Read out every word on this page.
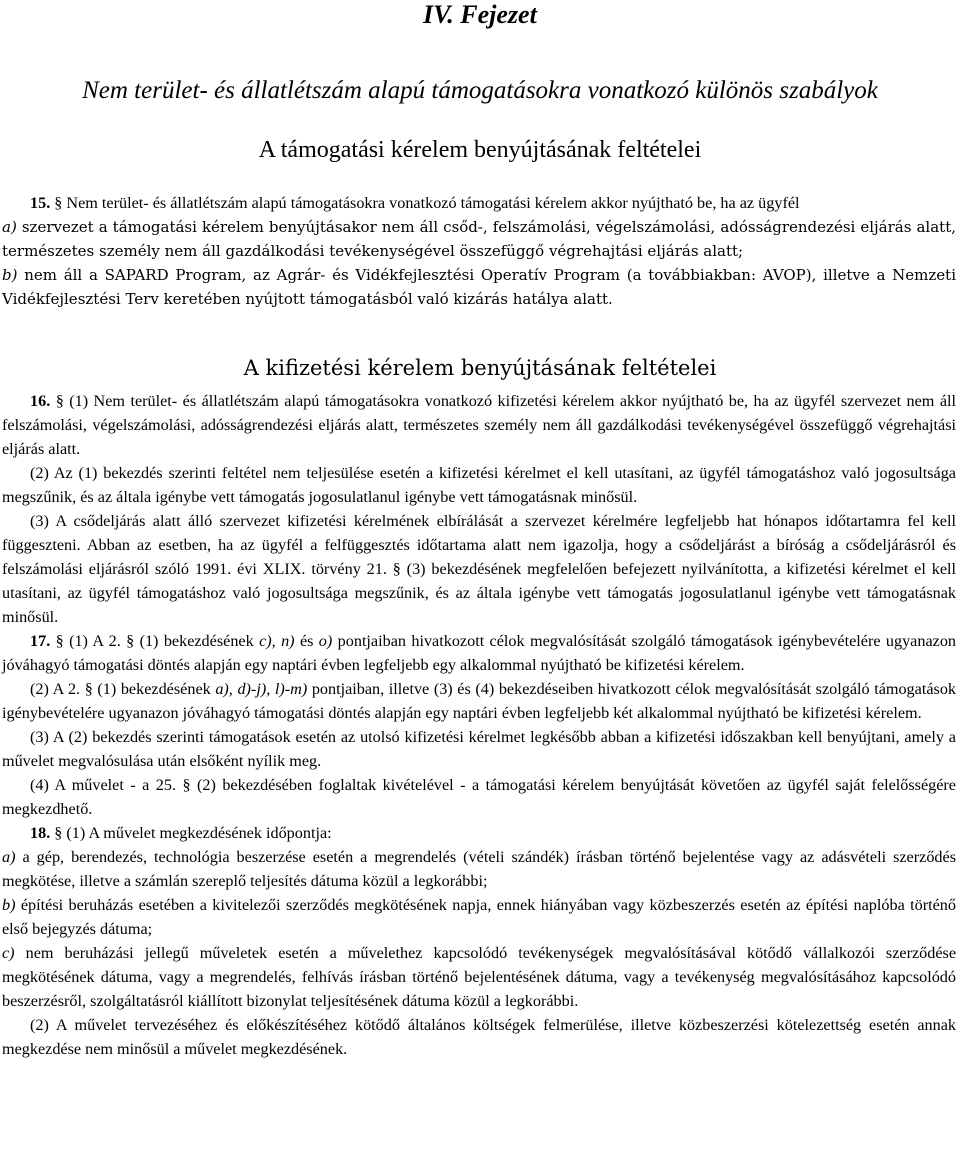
IV. Fejezet
Nem terület- és állatlétszám alapú támogatásokra vonatkozó különös szabályok
A támogatási kérelem benyújtásának feltételei

15. § Nem terület- és állatlétszám alapú támogatásokra vonatkozó támogatási kérelem akkor nyújtható be, ha az ügyfél

a) szervezet a támogatási kérelem benyújtásakor nem áll csőd-, felszámolási, végelszámolási, adósságrendezési eljárás alatt, természetes személy nem áll gazdálkodási tevékenységével összefüggő végrehajtási eljárás alatt;

b) nem áll a SAPARD Program, az Agrár- és Vidékfejlesztési Operatív Program (a továbbiakban: AVOP), illetve a Nemzeti Vidékfejlesztési Terv keretében nyújtott támogatásból való kizárás hatálya alatt.

A kifizetési kérelem benyújtásának feltételei

16. § (1) Nem terület- és állatlétszám alapú támogatásokra vonatkozó kifizetési kérelem akkor nyújtható be, ha az ügyfél szervezet nem áll felszámolási, végelszámolási, adósságrendezési eljárás alatt, természetes személy nem áll gazdálkodási tevékenységével összefüggő végrehajtási eljárás alatt.

(2) Az (1) bekezdés szerinti feltétel nem teljesülése esetén a kifizetési kérelmet el kell utasítani, az ügyfél támogatáshoz való jogosultsága megszűnik, és az általa igénybe vett támogatás jogosulatlanul igénybe vett támogatásnak minősül.

(3) A csődeljárás alatt álló szervezet kifizetési kérelmének elbírálását a szervezet kérelmére legfeljebb hat hónapos időtartamra fel kell függeszteni. Abban az esetben, ha az ügyfél a felfüggesztés időtartama alatt nem igazolja, hogy a csődeljárást a bíróság a csődeljárásról és felszámolási eljárásról szóló 1991. évi XLIX. törvény 21. § (3) bekezdésének megfelelően befejezett nyilvánította, a kifizetési kérelmet el kell utasítani, az ügyfél támogatáshoz való jogosultsága megszűnik, és az általa igénybe vett támogatás jogosulatlanul igénybe vett támogatásnak minősül.

17. § (1) A 2. § (1) bekezdésének c), n) és o) pontjaiban hivatkozott célok megvalósítását szolgáló támogatások igénybevételére ugyanazon jóváhagyó támogatási döntés alapján egy naptári évben legfeljebb egy alkalommal nyújtható be kifizetési kérelem.

(2) A 2. § (1) bekezdésének a), d)-j), l)-m) pontjaiban, illetve (3) és (4) bekezdéseiben hivatkozott célok megvalósítását szolgáló támogatások igénybevételére ugyanazon jóváhagyó támogatási döntés alapján egy naptári évben legfeljebb két alkalommal nyújtható be kifizetési kérelem.

(3) A (2) bekezdés szerinti támogatások esetén az utolsó kifizetési kérelmet legkésőbb abban a kifizetési időszakban kell benyújtani, amely a művelet megvalósulása után elsőként nyílik meg.

(4) A művelet - a 25. § (2) bekezdésében foglaltak kivételével - a támogatási kérelem benyújtását követően az ügyfél saját felelősségére megkezdhető.

18. § (1) A művelet megkezdésének időpontja:

a) a gép, berendezés, technológia beszerzése esetén a megrendelés (vételi szándék) írásban történő bejelentése vagy az adásvételi szerződés megkötése, illetve a számlán szereplő teljesítés dátuma közül a legkorábbi;

b) építési beruházás esetében a kivitelezői szerződés megkötésének napja, ennek hiányában vagy közbeszerzés esetén az építési naplóba történő első bejegyzés dátuma;

c) nem beruházási jellegű műveletek esetén a művelethez kapcsolódó tevékenységek megvalósításával kötődő vállalkozói szerződése megkötésének dátuma, vagy a megrendelés, felhívás írásban történő bejelentésének dátuma, vagy a tevékenység megvalósításához kapcsolódó beszerzésről, szolgáltatásról kiállított bizonylat teljesítésének dátuma közül a legkorábbi.

(2) A művelet tervezéséhez és előkészítéséhez kötődő általános költségek felmerülése, illetve közbeszerzési kötelezettség esetén annak megkezdése nem minősül a művelet megkezdésének.
